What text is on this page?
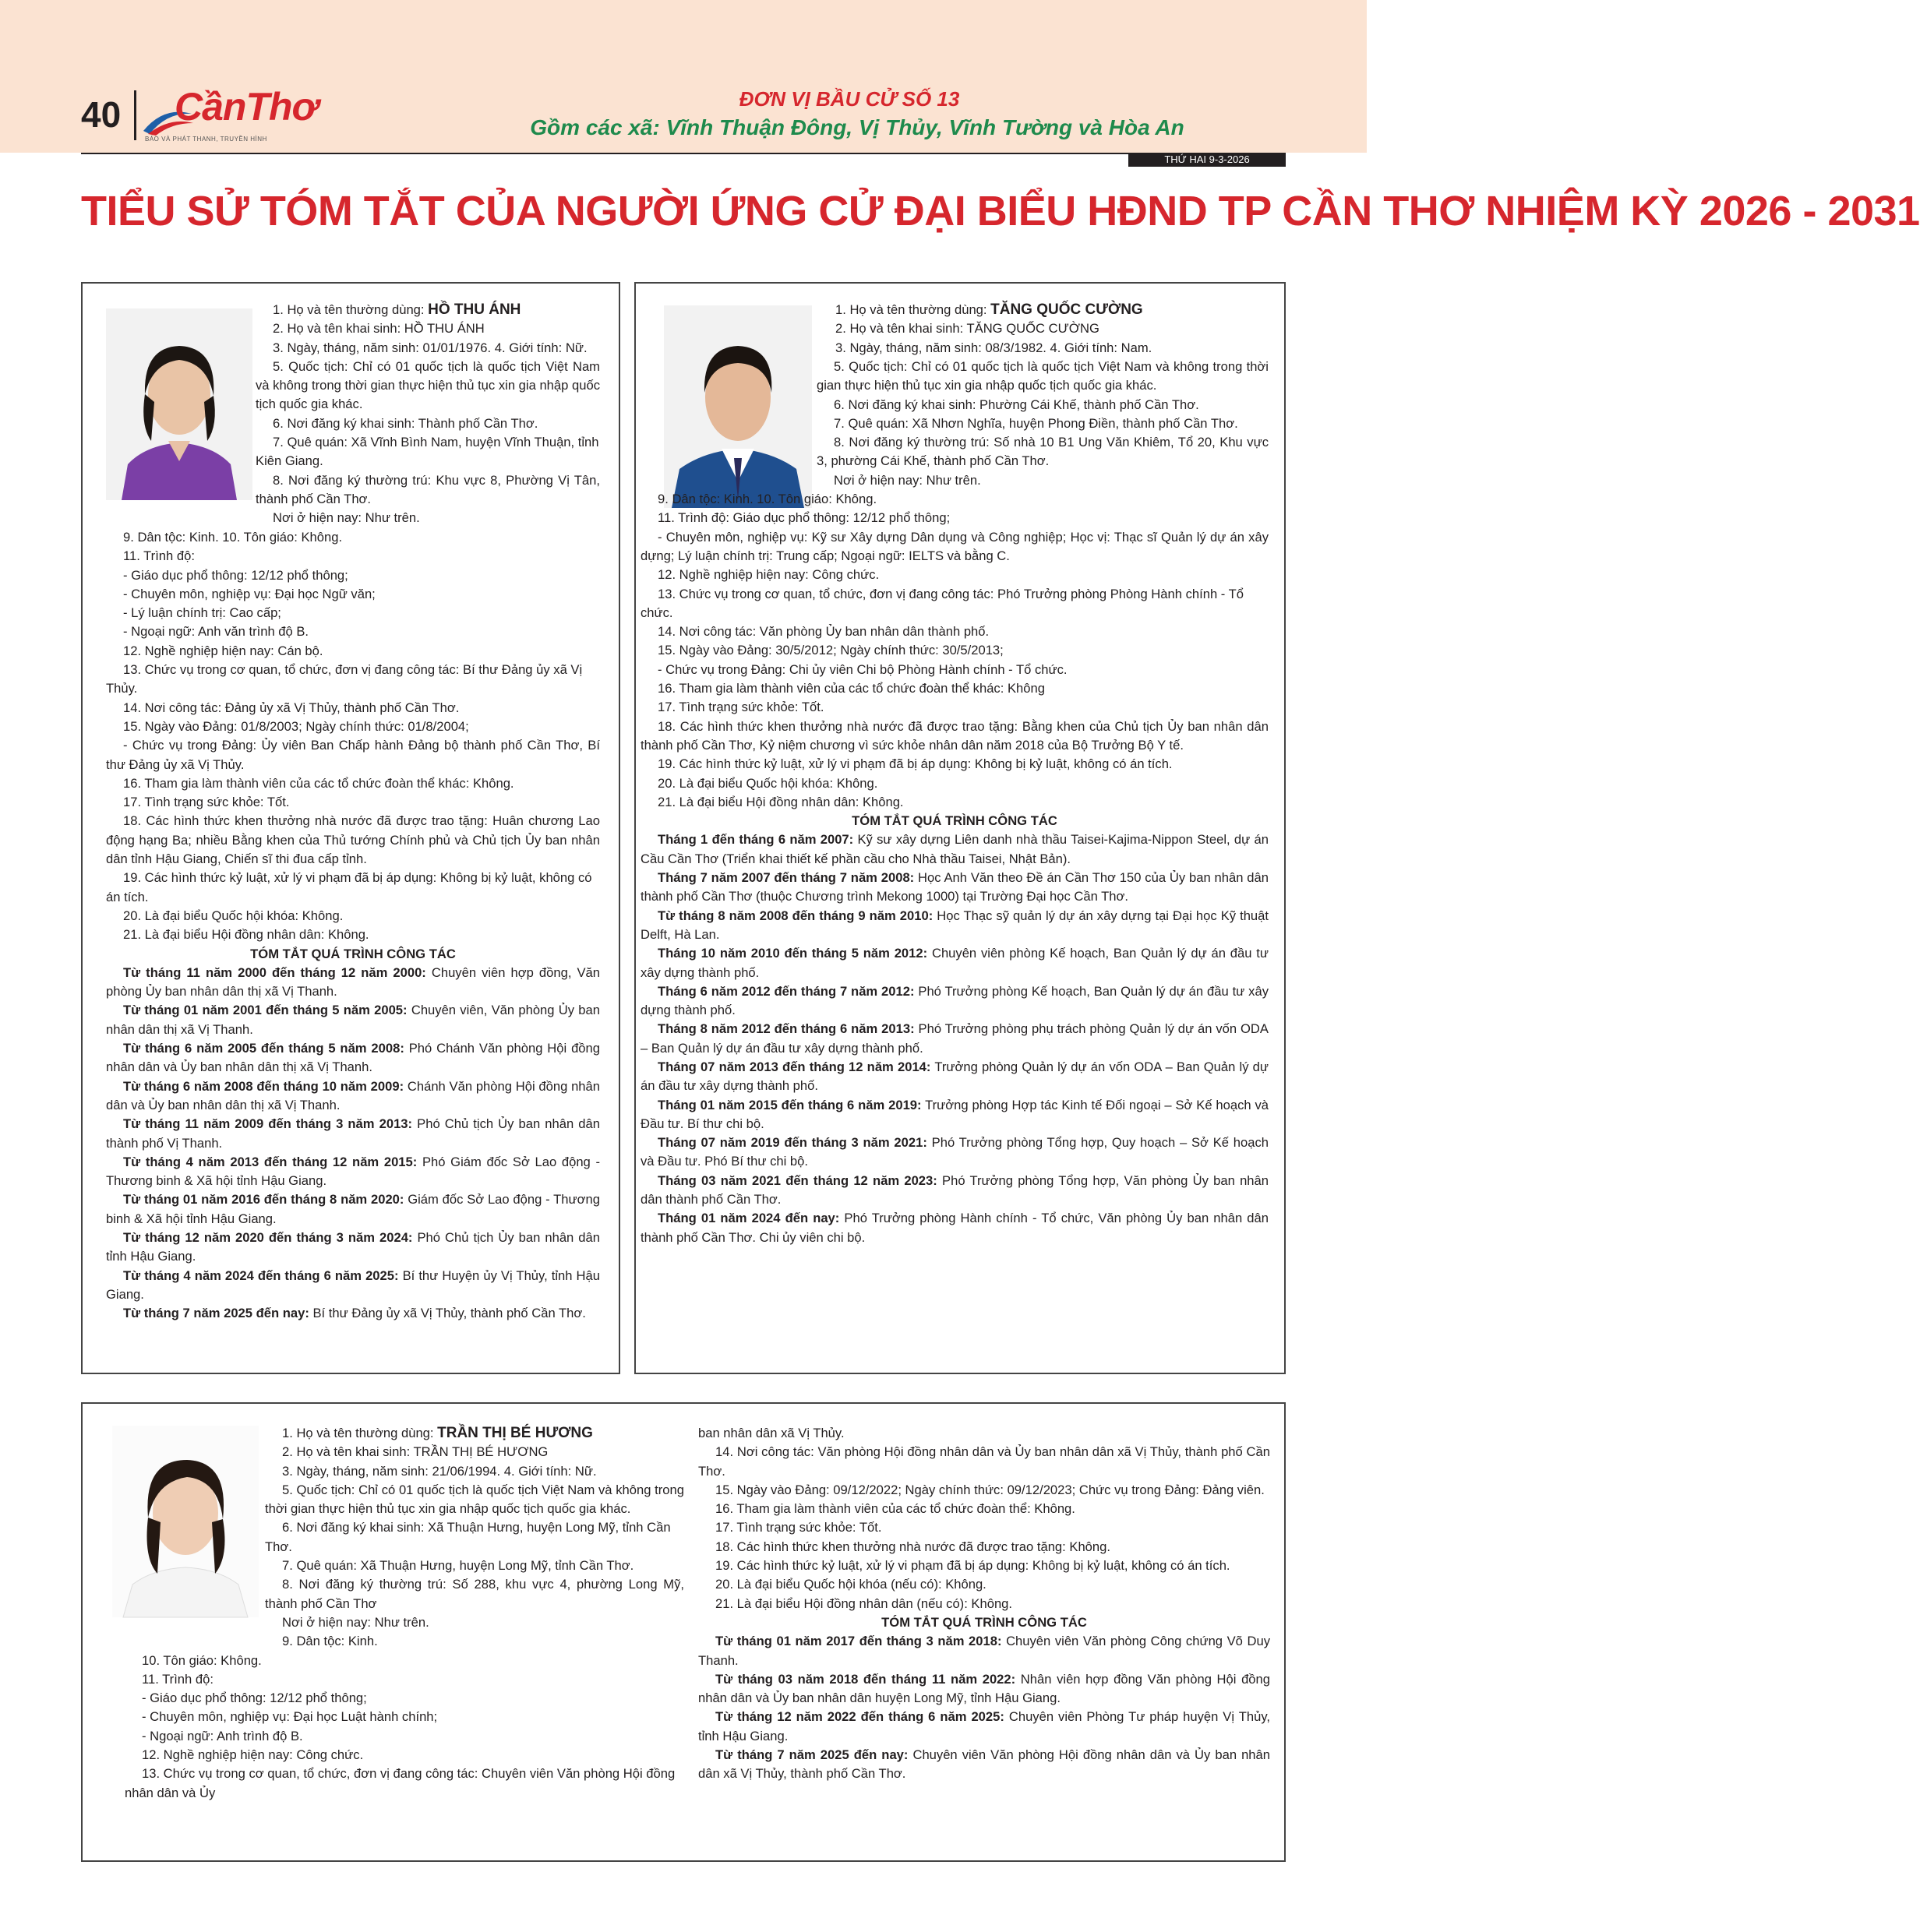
40 CầnThơ
BÁO VÀ PHÁT THANH, TRUYỀN HÌNH
ĐƠN VỊ BẦU CỬ SỐ 13
Gồm các xã: Vĩnh Thuận Đông, Vị Thủy, Vĩnh Tường và Hòa An
THỨ HAI 9-3-2026
TIỂU SỬ TÓM TẮT CỦA NGƯỜI ỨNG CỬ ĐẠI BIỂU HĐND TP CẦN THƠ NHIỆM KỲ 2026 - 2031

1. Họ và tên thường dùng: HỒ THU ÁNH

2. Họ và tên khai sinh: HỒ THU ÁNH

3. Ngày, tháng, năm sinh: 01/01/1976. 4. Giới tính: Nữ.

5. Quốc tịch: Chỉ có 01 quốc tịch là quốc tịch Việt Nam và không trong thời gian thực hiện thủ tục xin gia nhập quốc tịch quốc gia khác.

6. Nơi đăng ký khai sinh: Thành phố Cần Thơ.

7. Quê quán: Xã Vĩnh Bình Nam, huyện Vĩnh Thuận, tỉnh Kiên Giang.

8. Nơi đăng ký thường trú: Khu vực 8, Phường Vị Tân, thành phố Cần Thơ.

Nơi ở hiện nay: Như trên.

9. Dân tộc: Kinh. 10. Tôn giáo: Không.

11. Trình độ:

- Giáo dục phổ thông: 12/12 phổ thông;

- Chuyên môn, nghiệp vụ: Đại học Ngữ văn;

- Lý luận chính trị: Cao cấp;

- Ngoại ngữ: Anh văn trình độ B.

12. Nghề nghiệp hiện nay: Cán bộ.

13. Chức vụ trong cơ quan, tổ chức, đơn vị đang công tác: Bí thư Đảng ủy xã Vị Thủy.

14. Nơi công tác: Đảng ủy xã Vị Thủy, thành phố Cần Thơ.

15. Ngày vào Đảng: 01/8/2003; Ngày chính thức: 01/8/2004;

- Chức vụ trong Đảng: Ủy viên Ban Chấp hành Đảng bộ thành phố Cần Thơ, Bí thư Đảng ủy xã Vị Thủy.

16. Tham gia làm thành viên của các tổ chức đoàn thể khác: Không.

17. Tình trạng sức khỏe: Tốt.

18. Các hình thức khen thưởng nhà nước đã được trao tặng: Huân chương Lao động hạng Ba; nhiều Bằng khen của Thủ tướng Chính phủ và Chủ tịch Ủy ban nhân dân tỉnh Hậu Giang, Chiến sĩ thi đua cấp tỉnh.

19. Các hình thức kỷ luật, xử lý vi phạm đã bị áp dụng: Không bị kỷ luật, không có án tích.

20. Là đại biểu Quốc hội khóa: Không.

21. Là đại biểu Hội đồng nhân dân: Không.

TÓM TẮT QUÁ TRÌNH CÔNG TÁC

Từ tháng 11 năm 2000 đến tháng 12 năm 2000: Chuyên viên hợp đồng, Văn phòng Ủy ban nhân dân thị xã Vị Thanh.

Từ tháng 01 năm 2001 đến tháng 5 năm 2005: Chuyên viên, Văn phòng Ủy ban nhân dân thị xã Vị Thanh.

Từ tháng 6 năm 2005 đến tháng 5 năm 2008: Phó Chánh Văn phòng Hội đồng nhân dân và Ủy ban nhân dân thị xã Vị Thanh.

Từ tháng 6 năm 2008 đến tháng 10 năm 2009: Chánh Văn phòng Hội đồng nhân dân và Ủy ban nhân dân thị xã Vị Thanh.

Từ tháng 11 năm 2009 đến tháng 3 năm 2013: Phó Chủ tịch Ủy ban nhân dân thành phố Vị Thanh.

Từ tháng 4 năm 2013 đến tháng 12 năm 2015: Phó Giám đốc Sở Lao động - Thương binh & Xã hội tỉnh Hậu Giang.

Từ tháng 01 năm 2016 đến tháng 8 năm 2020: Giám đốc Sở Lao động - Thương binh & Xã hội tỉnh Hậu Giang.

Từ tháng 12 năm 2020 đến tháng 3 năm 2024: Phó Chủ tịch Ủy ban nhân dân tỉnh Hậu Giang.

Từ tháng 4 năm 2024 đến tháng 6 năm 2025: Bí thư Huyện ủy Vị Thủy, tỉnh Hậu Giang.

Từ tháng 7 năm 2025 đến nay: Bí thư Đảng ủy xã Vị Thủy, thành phố Cần Thơ.

1. Họ và tên thường dùng: TĂNG QUỐC CƯỜNG

2. Họ và tên khai sinh: TĂNG QUỐC CƯỜNG

3. Ngày, tháng, năm sinh: 08/3/1982. 4. Giới tính: Nam.

5. Quốc tịch: Chỉ có 01 quốc tịch là quốc tịch Việt Nam và không trong thời gian thực hiện thủ tục xin gia nhập quốc tịch quốc gia khác.

6. Nơi đăng ký khai sinh: Phường Cái Khế, thành phố Cần Thơ.

7. Quê quán: Xã Nhơn Nghĩa, huyện Phong Điền, thành phố Cần Thơ.

8. Nơi đăng ký thường trú: Số nhà 10 B1 Ung Văn Khiêm, Tổ 20, Khu vực 3, phường Cái Khế, thành phố Cần Thơ.

Nơi ở hiện nay: Như trên.

9. Dân tộc: Kinh. 10. Tôn giáo: Không.

11. Trình độ: Giáo dục phổ thông: 12/12 phổ thông;

- Chuyên môn, nghiệp vụ: Kỹ sư Xây dựng Dân dụng và Công nghiệp; Học vị: Thạc sĩ Quản lý dự án xây dựng; Lý luận chính trị: Trung cấp; Ngoại ngữ: IELTS và bằng C.

12. Nghề nghiệp hiện nay: Công chức.

13. Chức vụ trong cơ quan, tổ chức, đơn vị đang công tác: Phó Trưởng phòng Phòng Hành chính - Tổ chức.

14. Nơi công tác: Văn phòng Ủy ban nhân dân thành phố.

15. Ngày vào Đảng: 30/5/2012; Ngày chính thức: 30/5/2013;

- Chức vụ trong Đảng: Chi ủy viên Chi bộ Phòng Hành chính - Tổ chức.

16. Tham gia làm thành viên của các tổ chức đoàn thể khác: Không

17. Tình trạng sức khỏe: Tốt.

18. Các hình thức khen thưởng nhà nước đã được trao tặng: Bằng khen của Chủ tịch Ủy ban nhân dân thành phố Cần Thơ, Kỷ niệm chương vì sức khỏe nhân dân năm 2018 của Bộ Trưởng Bộ Y tế.

19. Các hình thức kỷ luật, xử lý vi phạm đã bị áp dụng: Không bị kỷ luật, không có án tích.

20. Là đại biểu Quốc hội khóa: Không.

21. Là đại biểu Hội đồng nhân dân: Không.

TÓM TẮT QUÁ TRÌNH CÔNG TÁC

Tháng 1 đến tháng 6 năm 2007: Kỹ sư xây dựng Liên danh nhà thầu Taisei-Kajima-Nippon Steel, dự án Cầu Cần Thơ (Triển khai thiết kế phần cầu cho Nhà thầu Taisei, Nhật Bản).

Tháng 7 năm 2007 đến tháng 7 năm 2008: Học Anh Văn theo Đề án Cần Thơ 150 của Ủy ban nhân dân thành phố Cần Thơ (thuộc Chương trình Mekong 1000) tại Trường Đại học Cần Thơ.

Từ tháng 8 năm 2008 đến tháng 9 năm 2010: Học Thạc sỹ quản lý dự án xây dựng tại Đại học Kỹ thuật Delft, Hà Lan.

Tháng 10 năm 2010 đến tháng 5 năm 2012: Chuyên viên phòng Kế hoạch, Ban Quản lý dự án đầu tư xây dựng thành phố.

Tháng 6 năm 2012 đến tháng 7 năm 2012: Phó Trưởng phòng Kế hoạch, Ban Quản lý dự án đầu tư xây dựng thành phố.

Tháng 8 năm 2012 đến tháng 6 năm 2013: Phó Trưởng phòng phụ trách phòng Quản lý dự án vốn ODA – Ban Quản lý dự án đầu tư xây dựng thành phố.

Tháng 07 năm 2013 đến tháng 12 năm 2014: Trưởng phòng Quản lý dự án vốn ODA – Ban Quản lý dự án đầu tư xây dựng thành phố.

Tháng 01 năm 2015 đến tháng 6 năm 2019: Trưởng phòng Hợp tác Kinh tế Đối ngoại – Sở Kế hoạch và Đầu tư. Bí thư chi bộ.

Tháng 07 năm 2019 đến tháng 3 năm 2021: Phó Trưởng phòng Tổng hợp, Quy hoạch – Sở Kế hoạch và Đầu tư. Phó Bí thư chi bộ.

Tháng 03 năm 2021 đến tháng 12 năm 2023: Phó Trưởng phòng Tổng hợp, Văn phòng Ủy ban nhân dân thành phố Cần Thơ.

Tháng 01 năm 2024 đến nay: Phó Trưởng phòng Hành chính - Tổ chức, Văn phòng Ủy ban nhân dân thành phố Cần Thơ. Chi ủy viên chi bộ.

1. Họ và tên thường dùng: TRẦN THỊ BÉ HƯƠNG

2. Họ và tên khai sinh: TRẦN THỊ BÉ HƯƠNG

3. Ngày, tháng, năm sinh: 21/06/1994. 4. Giới tính: Nữ.

5. Quốc tịch: Chỉ có 01 quốc tịch là quốc tịch Việt Nam và không trong thời gian thực hiện thủ tục xin gia nhập quốc tịch quốc gia khác.

6. Nơi đăng ký khai sinh: Xã Thuận Hưng, huyện Long Mỹ, tỉnh Cần Thơ.

7. Quê quán: Xã Thuận Hưng, huyện Long Mỹ, tỉnh Cần Thơ.

8. Nơi đăng ký thường trú: Số 288, khu vực 4, phường Long Mỹ, thành phố Cần Thơ

Nơi ở hiện nay: Như trên.

9. Dân tộc: Kinh.

10. Tôn giáo: Không.

11. Trình độ:

- Giáo dục phổ thông: 12/12 phổ thông;

- Chuyên môn, nghiệp vụ: Đại học Luật hành chính;

- Ngoại ngữ: Anh trình độ B.

12. Nghề nghiệp hiện nay: Công chức.

13. Chức vụ trong cơ quan, tổ chức, đơn vị đang công tác: Chuyên viên Văn phòng Hội đồng nhân dân và Ủy

ban nhân dân xã Vị Thủy.

14. Nơi công tác: Văn phòng Hội đồng nhân dân và Ủy ban nhân dân xã Vị Thủy, thành phố Cần Thơ.

15. Ngày vào Đảng: 09/12/2022; Ngày chính thức: 09/12/2023; Chức vụ trong Đảng: Đảng viên.

16. Tham gia làm thành viên của các tổ chức đoàn thể: Không.

17. Tình trạng sức khỏe: Tốt.

18. Các hình thức khen thưởng nhà nước đã được trao tặng: Không.

19. Các hình thức kỷ luật, xử lý vi phạm đã bị áp dụng: Không bị kỷ luật, không có án tích.

20. Là đại biểu Quốc hội khóa (nếu có): Không.

21. Là đại biểu Hội đồng nhân dân (nếu có): Không.

TÓM TẮT QUÁ TRÌNH CÔNG TÁC

Từ tháng 01 năm 2017 đến tháng 3 năm 2018: Chuyên viên Văn phòng Công chứng Võ Duy Thanh.

Từ tháng 03 năm 2018 đến tháng 11 năm 2022: Nhân viên hợp đồng Văn phòng Hội đồng nhân dân và Ủy ban nhân dân huyện Long Mỹ, tỉnh Hậu Giang.

Từ tháng 12 năm 2022 đến tháng 6 năm 2025: Chuyên viên Phòng Tư pháp huyện Vị Thủy, tỉnh Hậu Giang.

Từ tháng 7 năm 2025 đến nay: Chuyên viên Văn phòng Hội đồng nhân dân và Ủy ban nhân dân xã Vị Thủy, thành phố Cần Thơ.
